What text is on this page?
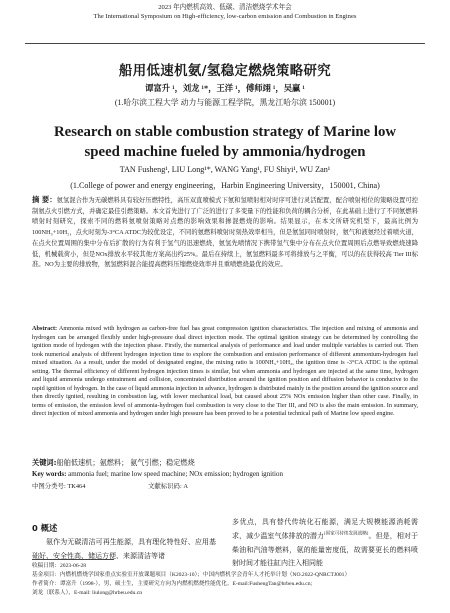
2023 年内燃机高效、低碳、清洁燃烧学术年会
The International Symposium on High-efficiency, low-carbon emission and Combustion in Engines
船用低速机氨/氢稳定燃烧策略研究
谭富升 ¹，刘龙 ¹*，王洋 ¹，傅师翊 ¹，吴赢 ¹
(1.哈尔滨工程大学 动力与能源工程学院，黑龙江哈尔滨 150001)
Research on stable combustion strategy of Marine low
speed machine fueled by ammonia/hydrogen
TAN Fusheng¹, LIU Long¹*, WANG Yang¹, FU Shiyi¹, WU Zan¹
(1.College of power and energy engineering，Harbin Engineering University，150001, China)
摘 要：氨氢混合作为无碳燃料具有较好压燃特性，高压双直喷模式下氨和氢喷射相对时序可进行灵活配置，配合喷射相位的策略设置可控制氨点火引燃方式，并确定最佳引燃策略。本文首先进行了广泛的进行了多变量下的性能和负荷的耦合分析，在此基础上进行了不同氨燃料喷射时刻研究，探索不同的燃料氨喷射策略对点燃的影响效果和掺混燃烧的影响。结果显示，在本文所研究机型下，最高比例为100NH₃+10H₂，点火时刻为-3°CA ATDC为较优设定，不同的氨燃料喷射时刻热效率相当，但是氨氢同时喷射时，氨气和液氨经过着喷火道，在点火位置周围的集中分布后扩散的行为有利于氢气的迅速燃烧，氨氢先喷情况下携带氢气集中分布在点火位置周围后点燃导致燃烧速降低，机械载荷小，但是NOx排放水平较其他方案高出约25%。最后在持续上，氨氢燃料最多可将排放与之平衡，可以的在获得较高 Tier III标准。NO为主要的排放物，氨氢燃料混合能提高燃料压缩燃烧效率并且重喷燃烧最优的效应。
Abstract: Ammonia mixed with hydrogen as carbon-free fuel has great compression ignition characteristics. The injection and mixing of ammonia and hydrogen can be arranged flexibly under high-pressure dual direct injection mode. The optimal ignition strategy can be determined by controlling the ignition mode of hydrogen with the injection phase. Firstly, the numerical analysis of performance and load under multiple variables is carried out. Then took numerical analysis of different hydrogen injection time to explore the combustion and emission performance of different ammonium-hydrogen fuel mixed situation. As a result, under the model of designated engine, the mixing ratio is 100NH₃+10H₂, the ignition time is -3°CA ATDC is the optimal setting. The thermal efficiency of different hydrogen injection times is similar, but when ammonia and hydrogen are injected at the same time, hydrogen and liquid ammonia undergo entrainment and collision, concentrated distribution around the ignition position and diffusion behavior is conducive to the rapid ignition of hydrogen. In the case of liquid ammonia injection in advance, hydrogen is distributed mainly in the position around the ignition source and then directly ignited, resulting in combustion lag, with lower mechanical load, but caused about 25% NOx emission higher than other case. Finally, in terms of emission, the emission level of ammonia-hydrogen fuel combustion is very close to the Tier III, and NO is also the main emission. In summary, direct injection of mixed ammonia and hydrogen under high pressure has been proved to be a potential technical path of Marine low speed engine.
关键词:船舶低速机；氨燃料； 氨气引燃；稳定燃烧
Key words: ammonia fuel; marine low speed machine; NOx emission; hydrogen ignition
中图分类号: TK464	文献标识码: A
0 概述
氨作为无碳清洁可再生能源，具有理化特性好、应用基础好、安全性高、储运方便、来源清洁等诸
多优点，具有替代传统化石能源，满足大规模能源消耗需求，减少温室气体排放的潜力[国家可持续发展战略]。但是，相对于柴油和汽油等燃料，氨的能量密度低，故需要更长的燃料喷射时间才能往缸内注入相同能
收稿日期：2023-06-28
基金项目：内燃机燃烧学国家重点实验室开放课题项目（K2023-10）；中国内燃机学会青年人才托举计划（NO.2022-QNRCTJ001）
作者简介：谭富升（1998-），男，硕士生，主要研究方向为内燃机燃烧性能优化。E-mail:FushengTan@hrbeu.edu.cn;
刘龙（联系人），E-mail: liulong@hrbeu.edu.cn
